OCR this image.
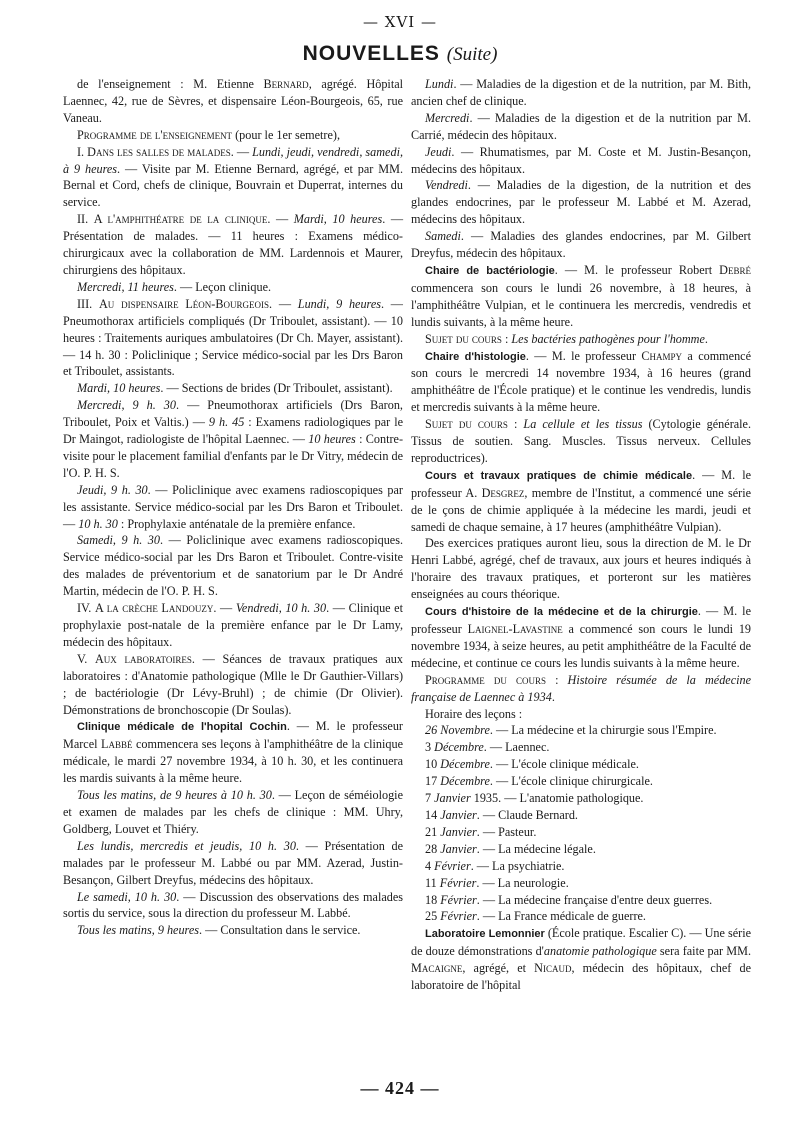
— XVI —
NOUVELLES (Suite)

de l'enseignement : M. Etienne Bernard, agrégé. Hôpital Laennec, 42, rue de Sèvres, et dispensaire Léon-Bourgeois, 65, rue Vaneau.

Programme de l'enseignement (pour le 1er semetre),

I. Dans les salles de malades. — Lundi, jeudi, vendredi, samedi, à 9 heures. — Visite par M. Etienne Bernard, agrégé, et par MM. Bernal et Cord, chefs de clinique, Bouvrain et Duperrat, internes du service.

II. A l'amphithéatre de la clinique. — Mardi, 10 heures. — Présentation de malades. — 11 heures : Examens médico-chirurgicaux avec la collaboration de MM. Lardennois et Maurer, chirurgiens des hôpitaux.

Mercredi, 11 heures. — Leçon clinique.

III. Au dispensaire Léon-Bourgeois. — Lundi, 9 heures. — Pneumothorax artificiels compliqués (Dr Triboulet, assistant). — 10 heures : Traitements auriques ambulatoires (Dr Ch. Mayer, assistant). — 14 h. 30 : Policlinique ; Service médico-social par les Drs Baron et Triboulet, assistants.

Mardi, 10 heures. — Sections de brides (Dr Triboulet, assistant).

Mercredi, 9 h. 30. — Pneumothorax artificiels (Drs Baron, Triboulet, Poix et Valtis.) — 9 h. 45 : Examens radiologiques par le Dr Maingot, radiologiste de l'hôpital Laennec. — 10 heures : Contre-visite pour le placement familial d'enfants par le Dr Vitry, médecin de l'O. P. H. S.

Jeudi, 9 h. 30. — Policlinique avec examens radioscopiques par les assistante. Service médico-social par les Drs Baron et Triboulet. — 10 h. 30 : Prophylaxie anténatale de la première enfance.

Samedi, 9 h. 30. — Policlinique avec examens radioscopiques. Service médico-social par les Drs Baron et Triboulet. Contre-visite des malades de préventorium et de sanatorium par le Dr André Martin, médecin de l'O. P. H. S.

IV. A la crèche Landouzy. — Vendredi, 10 h. 30. — Clinique et prophylaxie post-natale de la première enfance par le Dr Lamy, médecin des hôpitaux.

V. Aux laboratoires. — Séances de travaux pratiques aux laboratoires : d'Anatomie pathologique (Mlle le Dr Gauthier-Villars) ; de bactériologie (Dr Lévy-Bruhl) ; de chimie (Dr Olivier). Démonstrations de bronchoscopie (Dr Soulas).

Clinique médicale de l'hopital Cochin. — M. le professeur Marcel Labbé commencera ses leçons à l'amphithéâtre de la clinique médicale, le mardi 27 novembre 1934, à 10 h. 30, et les continuera les mardis suivants à la même heure.

Tous les matins, de 9 heures à 10 h. 30. — Leçon de séméiologie et examen de malades par les chefs de clinique : MM. Uhry, Goldberg, Louvet et Thiéry.

Les lundis, mercredis et jeudis, 10 h. 30. — Présentation de malades par le professeur M. Labbé ou par MM. Azerad, Justin-Besançon, Gilbert Dreyfus, médecins des hôpitaux.

Le samedi, 10 h. 30. — Discussion des observations des malades sortis du service, sous la direction du professeur M. Labbé.

Tous les matins, 9 heures. — Consultation dans le service.

Lundi. — Maladies de la digestion et de la nutrition, par M. Bith, ancien chef de clinique.

Mercredi. — Maladies de la digestion et de la nutrition par M. Carrié, médecin des hôpitaux.

Jeudi. — Rhumatismes, par M. Coste et M. Justin-Besançon, médecins des hôpitaux.

Vendredi. — Maladies de la digestion, de la nutrition et des glandes endocrines, par le professeur M. Labbé et M. Azerad, médecins des hôpitaux.

Samedi. — Maladies des glandes endocrines, par M. Gilbert Dreyfus, médecin des hôpitaux.

Chaire de bactériologie. — M. le professeur Robert Debré commencera son cours le lundi 26 novembre, à 18 heures, à l'amphithéâtre Vulpian, et le continuera les mercredis, vendredis et lundis suivants, à la même heure.

Sujet du cours : Les bactéries pathogènes pour l'homme.

Chaire d'histologie. — M. le professeur Champy a commencé son cours le mercredi 14 novembre 1934, à 16 heures (grand amphithéâtre de l'École pratique) et le continue les vendredis, lundis et mercredis suivants à la même heure.

Sujet du cours : La cellule et les tissus (Cytologie générale. Tissus de soutien. Sang. Muscles. Tissus nerveux. Cellules reproductrices).

Cours et travaux pratiques de chimie médicale. — M. le professeur A. Desgrez, membre de l'Institut, a commencé une série de le çons de chimie appliquée à la médecine les mardi, jeudi et samedi de chaque semaine, à 17 heures (amphithéâtre Vulpian).

Des exercices pratiques auront lieu, sous la direction de M. le Dr Henri Labbé, agrégé, chef de travaux, aux jours et heures indiqués à l'horaire des travaux pratiques, et porteront sur les matières enseignées au cours théorique.

Cours d'histoire de la médecine et de la chirurgie. — M. le professeur Laignel-Lavastine a commencé son cours le lundi 19 novembre 1934, à seize heures, au petit amphithéâtre de la Faculté de médecine, et continue ce cours les lundis suivants à la même heure.

Programme du cours : Histoire résumée de la médecine française de Laennec à 1934.

Horaire des leçons :

26 Novembre. — La médecine et la chirurgie sous l'Empire.

3 Décembre. — Laennec.

10 Décembre. — L'école clinique médicale.

17 Décembre. — L'école clinique chirurgicale.

7 Janvier 1935. — L'anatomie pathologique.

14 Janvier. — Claude Bernard.

21 Janvier. — Pasteur.

28 Janvier. — La médecine légale.

4 Février. — La psychiatrie.

11 Février. — La neurologie.

18 Février. — La médecine française d'entre deux guerres.

25 Février. — La France médicale de guerre.

Laboratoire Lemonnier (École pratique. Escalier C). — Une série de douze démonstrations d'anatomie pathologique sera faite par MM. Macaigne, agrégé, et Nicaud, médecin des hôpitaux, chef de laboratoire de l'hôpital

— 424 —
